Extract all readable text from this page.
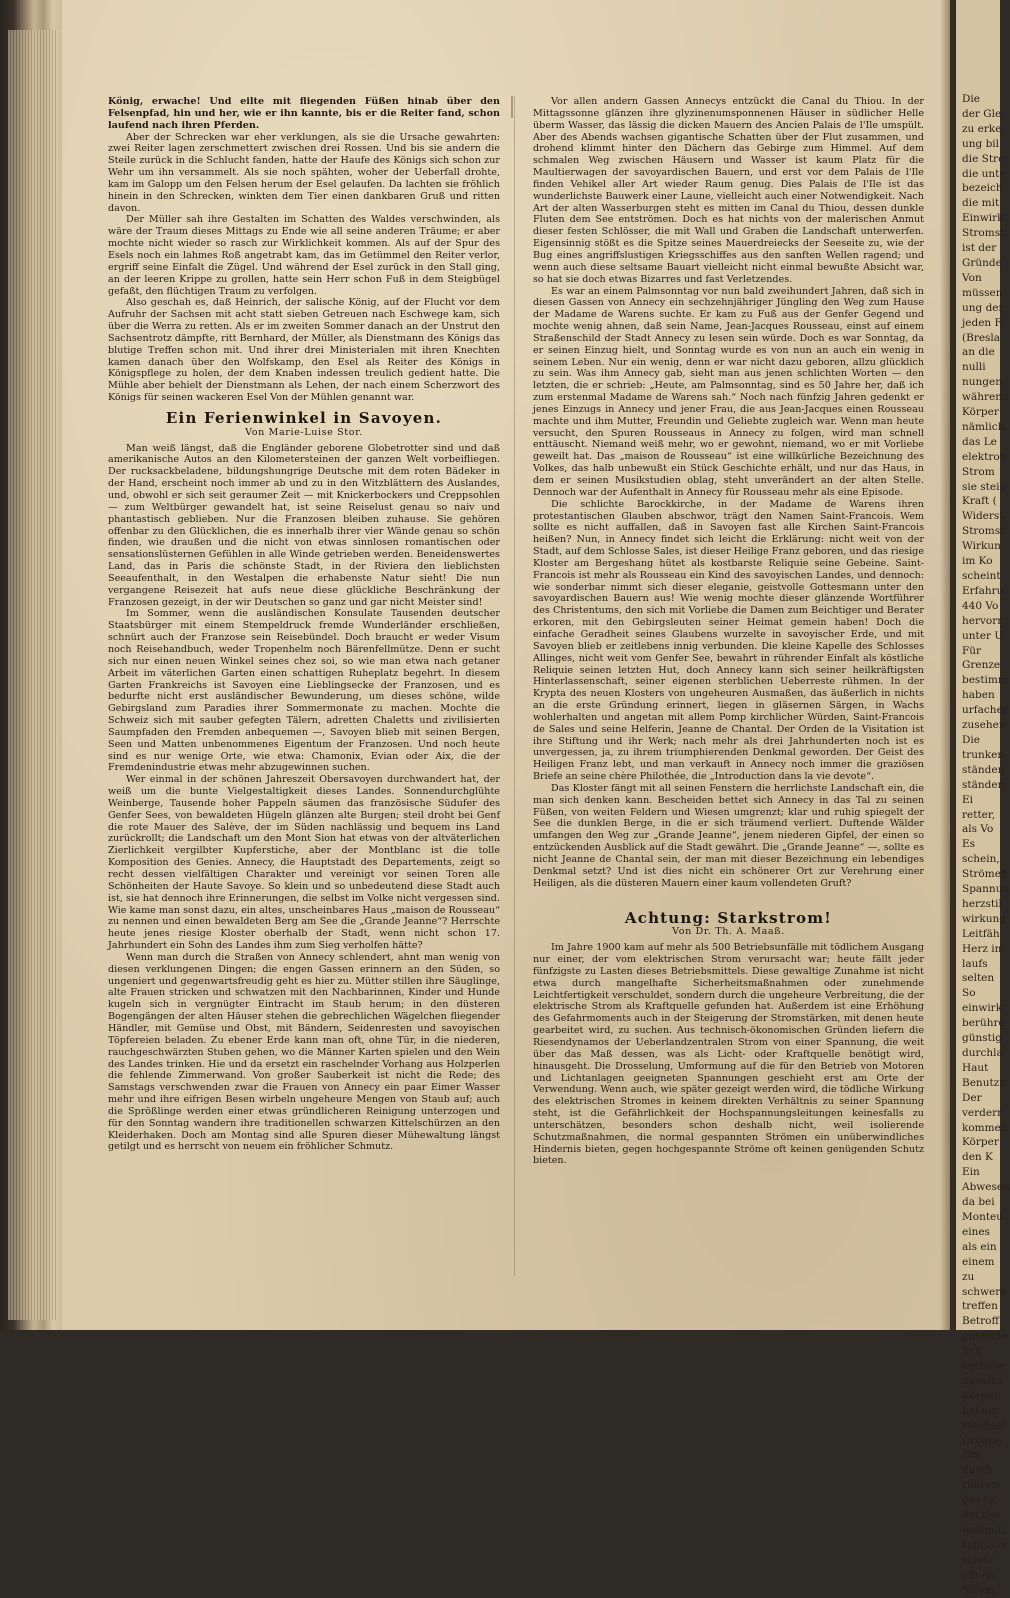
König, erwache! Und eilte mit fliegenden Füßen hinab über den Felsenpfad, hin und her, wie er ihn kannte, bis er die Reiter fand, schon laufend nach ihren Pferden.

Aber der Schrecken war eher verklungen, als sie die Ursache gewahrten: zwei Reiter lagen zerschmettert zwischen drei Rossen. Und bis sie andern die Steile zurück in die Schlucht fanden, hatte der Haufe des Königs sich schon zur Wehr um ihn versammelt. Als sie noch spähten, woher der Ueberfall drohte, kam im Galopp um den Felsen herum der Esel gelaufen. Da lachten sie fröhlich hinein in den Schrecken, winkten dem Tier einen dankbaren Gruß und ritten davon.

Der Müller sah ihre Gestalten im Schatten des Waldes verschwinden, als wäre der Traum dieses Mittags zu Ende wie all seine anderen Träume; er aber mochte nicht wieder so rasch zur Wirklichkeit kommen. Als auf der Spur des Esels noch ein lahmes Roß angetrabt kam, das im Getümmel den Reiter verlor, ergriff seine Einfalt die Zügel. Und während der Esel zurück in den Stall ging, an der leeren Krippe zu grollen, hatte sein Herr schon Fuß in dem Steigbügel gefaßt, den flüchtigen Traum zu verfolgen.

Also geschah es, daß Heinrich, der salische König, auf der Flucht vor dem Aufruhr der Sachsen mit acht statt sieben Getreuen nach Eschwege kam, sich über die Werra zu retten. Als er im zweiten Sommer danach an der Unstrut den Sachsentrotz dämpfte, ritt Bernhard, der Müller, als Dienstmann des Königs das blutige Treffen schon mit. Und ihrer drei Ministerialen mit ihren Knechten kamen danach über den Wolfskamp, den Esel als Reiter des Königs in Königspflege zu holen, der dem Knaben indessen treulich gedient hatte. Die Mühle aber behielt der Dienstmann als Lehen, der nach einem Scherzwort des Königs für seinen wackeren Esel Von der Mühlen genannt war.

Ein Ferienwinkel in Savoyen.
Von Marie-Luise Stor.

Man weiß längst, daß die Engländer geborene Globetrotter sind und daß amerikanische Autos an den Kilometersteinen der ganzen Welt vorbeifliegen. Der rucksackbeladene, bildungshungrige Deutsche mit dem roten Bädeker in der Hand, erscheint noch immer ab und zu in den Witzblättern des Auslandes, und, obwohl er sich seit geraumer Zeit — mit Knickerbockers und Creppsohlen — zum Weltbürger gewandelt hat, ist seine Reiselust genau so naiv und phantastisch geblieben. Nur die Franzosen bleiben zuhause. Sie gehören offenbar zu den Glücklichen, die es innerhalb ihrer vier Wände genau so schön finden, wie draußen und die nicht von etwas sinnlosen romantischen oder sensationslüsternen Gefühlen in alle Winde getrieben werden. Beneidenswertes Land, das in Paris die schönste Stadt, in der Riviera den lieblichsten Seeaufenthalt, in den Westalpen die erhabenste Natur sieht! Die nun vergangene Reisezeit hat aufs neue diese glückliche Beschränkung der Franzosen gezeigt, in der wir Deutschen so ganz und gar nicht Meister sind!

Im Sommer, wenn die ausländischen Konsulate Tausenden deutscher Staatsbürger mit einem Stempeldruck fremde Wunderländer erschließen, schnürt auch der Franzose sein Reisebündel. Doch braucht er weder Visum noch Reisehandbuch, weder Tropenhelm noch Bärenfellmütze. Denn er sucht sich nur einen neuen Winkel seines chez soi, so wie man etwa nach getaner Arbeit im väterlichen Garten einen schattigen Ruheplatz begehrt. In diesem Garten Frankreichs ist Savoyen eine Lieblingsecke der Franzosen, und es bedurfte nicht erst ausländischer Bewunderung, um dieses schöne, wilde Gebirgsland zum Paradies ihrer Sommermonate zu machen. Mochte die Schweiz sich mit sauber gefegten Tälern, adretten Chaletts und zivilisierten Saumpfaden den Fremden anbequemen —, Savoyen blieb mit seinen Bergen, Seen und Matten unbenommenes Eigentum der Franzosen. Und noch heute sind es nur wenige Orte, wie etwa: Chamonix, Evian oder Aix, die der Fremdenindustrie etwas mehr abzugewinnen suchen.

Wer einmal in der schönen Jahreszeit Obersavoyen durchwandert hat, der weiß um die bunte Vielgestaltigkeit dieses Landes. Sonnendurchglühte Weinberge, Tausende hoher Pappeln säumen das französische Südufer des Genfer Sees, von bewaldeten Hügeln glänzen alte Burgen; steil droht bei Genf die rote Mauer des Salève, der im Süden nachlässig und bequem ins Land zurückrollt; die Landschaft um den Mont Sion hat etwas von der altväterlichen Zierlichkeit vergilbter Kupferstiche, aber der Montblanc ist die tolle Komposition des Genies. Annecy, die Hauptstadt des Departements, zeigt so recht dessen vielfältigen Charakter und vereinigt vor seinen Toren alle Schönheiten der Haute Savoye. So klein und so unbedeutend diese Stadt auch ist, sie hat dennoch ihre Erinnerungen, die selbst im Volke nicht vergessen sind. Wie kame man sonst dazu, ein altes, unscheinbares Haus „maison de Rousseau“ zu nennen und einen bewaldeten Berg am See die „Grande Jeanne“? Herrschte heute jenes riesige Kloster oberhalb der Stadt, wenn nicht schon 17. Jahrhundert ein Sohn des Landes ihm zum Sieg verholfen hätte?

Wenn man durch die Straßen von Annecy schlendert, ahnt man wenig von diesen verklungenen Dingen; die engen Gassen erinnern an den Süden, so ungeniert und gegenwartsfreudig geht es hier zu. Mütter stillen ihre Säuglinge, alte Frauen stricken und schwatzen mit den Nachbarinnen, Kinder und Hunde kugeln sich in vergnügter Eintracht im Staub herum; in den düsteren Bogengängen der alten Häuser stehen die gebrechlichen Wägelchen fliegender Händler, mit Gemüse und Obst, mit Bändern, Seidenresten und savoyischen Töpfereien beladen. Zu ebener Erde kann man oft, ohne Tür, in die niederen, rauchgeschwärzten Stuben gehen, wo die Männer Karten spielen und den Wein des Landes trinken. Hie und da ersetzt ein raschelnder Vorhang aus Holzperlen die fehlende Zimmerwand. Von großer Sauberkeit ist nicht die Rede; des Samstags verschwenden zwar die Frauen von Annecy ein paar Eimer Wasser mehr und ihre eifrigen Besen wirbeln ungeheure Mengen von Staub auf; auch die Sprößlinge werden einer etwas gründlicheren Reinigung unterzogen und für den Sonntag wandern ihre traditionellen schwarzen Kittelschürzen an den Kleiderhaken. Doch am Montag sind alle Spuren dieser Mühewaltung längst getilgt und es herrscht von neuem ein fröhlicher Schmutz.

Vor allen andern Gassen Annecys entzückt die Canal du Thiou. In der Mittagssonne glänzen ihre glyzinenumsponnenen Häuser in südlicher Helle überm Wasser, das lässig die dicken Mauern des Ancien Palais de l'Ile umspült. Aber des Abends wachsen gigantische Schatten über der Flut zusammen, und drohend klimmt hinter den Dächern das Gebirge zum Himmel. Auf dem schmalen Weg zwischen Häusern und Wasser ist kaum Platz für die Maultierwagen der savoyardischen Bauern, und erst vor dem Palais de l'Ile finden Vehikel aller Art wieder Raum genug. Dies Palais de l'Ile ist das wunderlichste Bauwerk einer Laune, vielleicht auch einer Notwendigkeit. Nach Art der alten Wasserburgen steht es mitten im Canal du Thiou, dessen dunkle Fluten dem See entströmen. Doch es hat nichts von der malerischen Anmut dieser festen Schlösser, die mit Wall und Graben die Landschaft unterwerfen. Eigensinnig stößt es die Spitze seines Mauerdreiecks der Seeseite zu, wie der Bug eines angriffslustigen Kriegsschiffes aus den sanften Wellen ragend; und wenn auch diese seltsame Bauart vielleicht nicht einmal bewußte Absicht war, so hat sie doch etwas Bizarres und fast Verletzendes.

Es war an einem Palmsonntag vor nun bald zweihundert Jahren, daß sich in diesen Gassen von Annecy ein sechzehnjähriger Jüngling den Weg zum Hause der Madame de Warens suchte. Er kam zu Fuß aus der Genfer Gegend und mochte wenig ahnen, daß sein Name, Jean-Jacques Rousseau, einst auf einem Straßenschild der Stadt Annecy zu lesen sein würde. Doch es war Sonntag, da er seinen Einzug hielt, und Sonntag wurde es von nun an auch ein wenig in seinem Leben. Nur ein wenig, denn er war nicht dazu geboren, allzu glücklich zu sein. Was ihm Annecy gab, sieht man aus jenen schlichten Worten — den letzten, die er schrieb: „Heute, am Palmsonntag, sind es 50 Jahre her, daß ich zum erstenmal Madame de Warens sah.“ Noch nach fünfzig Jahren gedenkt er jenes Einzugs in Annecy und jener Frau, die aus Jean-Jacques einen Rousseau machte und ihm Mutter, Freundin und Geliebte zugleich war. Wenn man heute versucht, den Spuren Rousseaus in Annecy zu folgen, wird man schnell enttäuscht. Niemand weiß mehr, wo er gewohnt, niemand, wo er mit Vorliebe geweilt hat. Das „maison de Rousseau“ ist eine willkürliche Bezeichnung des Volkes, das halb unbewußt ein Stück Geschichte erhält, und nur das Haus, in dem er seinen Musikstudien oblag, steht unverändert an der alten Stelle. Dennoch war der Aufenthalt in Annecy für Rousseau mehr als eine Episode.

Die schlichte Barockkirche, in der Madame de Warens ihren protestantischen Glauben abschwor, trägt den Namen Saint-Francois. Wem sollte es nicht auffallen, daß in Savoyen fast alle Kirchen Saint-Francois heißen? Nun, in Annecy findet sich leicht die Erklärung: nicht weit von der Stadt, auf dem Schlosse Sales, ist dieser Heilige Franz geboren, und das riesige Kloster am Bergeshang hütet als kostbarste Reliquie seine Gebeine. Saint-Francois ist mehr als Rousseau ein Kind des savoyischen Landes, und dennoch: wie sonderbar nimmt sich dieser eleganie, geistvolle Gottesmann unter den savoyardischen Bauern aus! Wie wenig mochte dieser glänzende Wortführer des Christentums, den sich mit Vorliebe die Damen zum Beichtiger und Berater erkoren, mit den Gebirgsleuten seiner Heimat gemein haben! Doch die einfache Geradheit seines Glaubens wurzelte in savoyischer Erde, und mit Savoyen blieb er zeitlebens innig verbunden. Die kleine Kapelle des Schlosses Allinges, nicht weit vom Genfer See, bewahrt in rührender Einfalt als köstliche Reliquie seinen letzten Hut, doch Annecy kann sich seiner heilkräftigsten Hinterlassenschaft, seiner eigenen sterblichen Ueberreste rühmen. In der Krypta des neuen Klosters von ungeheuren Ausmaßen, das äußerlich in nichts an die erste Gründung erinnert, liegen in gläsernen Särgen, in Wachs wohlerhalten und angetan mit allem Pomp kirchlicher Würden, Saint-Francois de Sales und seine Helferin, Jeanne de Chantal. Der Orden de la Visitation ist ihre Stiftung und ihr Werk; nach mehr als drei Jahrhunderten noch ist es unvergessen, ja, zu ihrem triumphierenden Denkmal geworden. Der Geist des Heiligen Franz lebt, und man verkauft in Annecy noch immer die graziösen Briefe an seine chère Philothée, die „Introduction dans la vie devote“.

Das Kloster fängt mit all seinen Fenstern die herrlichste Landschaft ein, die man sich denken kann. Bescheiden bettet sich Annecy in das Tal zu seinen Füßen, von weiten Feldern und Wiesen umgrenzt; klar und ruhig spiegelt der See die dunklen Berge, in die er sich träumend verliert. Duftende Wälder umfangen den Weg zur „Grande Jeanne“, jenem niederen Gipfel, der einen so entzückenden Ausblick auf die Stadt gewährt. Die „Grande Jeanne“ —, sollte es nicht Jeanne de Chantal sein, der man mit dieser Bezeichnung ein lebendiges Denkmal setzt? Und ist dies nicht ein schönerer Ort zur Verehrung einer Heiligen, als die düsteren Mauern einer kaum vollendeten Gruft?

Achtung: Starkstrom!
Von Dr. Th. A. Maaß.

Im Jahre 1900 kam auf mehr als 500 Betriebsunfälle mit tödlichem Ausgang nur einer, der vom elektrischen Strom verursacht war; heute fällt jeder fünfzigste zu Lasten dieses Betriebsmittels. Diese gewaltige Zunahme ist nicht etwa durch mangelhafte Sicherheitsmaßnahmen oder zunehmende Leichtfertigkeit verschuldet, sondern durch die ungeheure Verbreitung, die der elektrische Strom als Kraftquelle gefunden hat. Außerdem ist eine Erhöhung des Gefahrmoments auch in der Steigerung der Stromstärken, mit denen heute gearbeitet wird, zu suchen. Aus technisch-ökonomischen Gründen liefern die Riesendynamos der Ueberlandzentralen Strom von einer Spannung, die weit über das Maß dessen, was als Licht- oder Kraftquelle benötigt wird, hinausgeht. Die Drosselung, Umformung auf die für den Betrieb von Motoren und Lichtanlagen geeigneten Spannungen geschieht erst am Orte der Verwendung. Wenn auch, wie später gezeigt werden wird, die tödliche Wirkung des elektrischen Stromes in keinem direkten Verhältnis zu seiner Spannung steht, ist die Gefährlichkeit der Hochspannungsleitungen keinesfalls zu unterschätzen, besonders schon deshalb nicht, weil isolierende Schutzmaßnahmen, die normal gespannten Strömen ein unüberwindliches Hindernis bieten, gegen hochgespannte Ströme oft keinen genügenden Schutz bieten.

Die
der Gle
zu erke
ung bil
die Stro
die unte
bezeich
die mit
Einwirk
Stromst
ist der
Gründe
Von
müssen
ung der
jeden F
(Bresla
an die
nulli
nungen
während
Körper
nämlich
das Le
elektron
Strom
sie steig
Kraft (
Widerst
Stromst
Wirkun
im Ko
scheint
Erfahru
440 Vo
hervorr
unter U
Für
Grenze
bestimm
haben
urfacher
zusehen
Die
trunken
ständen
ständen
Ei
retter,
als Vo
Es
schein,
Strömen
Spannun
herzstil
wirkung
Leitfäh
Herz in
laufs
selten
So
einwirk
berühre
günstig
durchla
Haut
Benutzu
Der
verderr
kommen
Körper
den K
Ein
Abwesen
da bei
Monteu
eines
als ein
einem
zu
schwere
treffen
Betroff
gebende
Sch
Verbote
ausschl
Körper
bei ein
Wechsel
Organe
Ein
durch
rühren
das to
Art der
weitgeh
schlusse
spiele
ein Au
Strom
